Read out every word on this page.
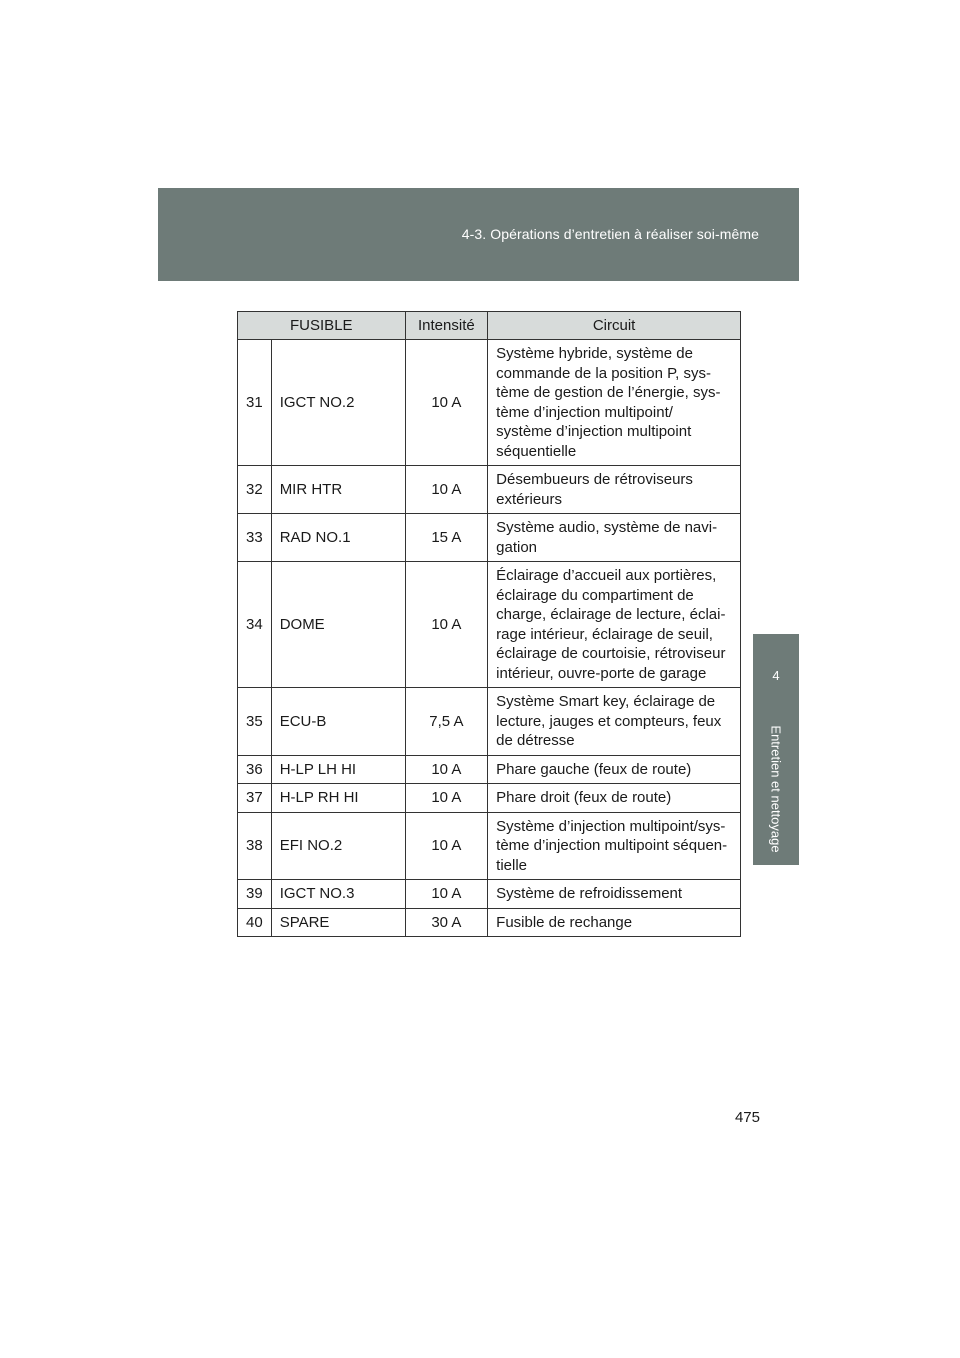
4-3. Opérations d’entretien à réaliser soi-même
4
Entretien et nettoyage
FUSIBLE		Intensité	Circuit
31	IGCT NO.2	10 A	Système hybride, système de commande de la position P, sys-tème de gestion de l’énergie, sys-tème d’injection multipoint/ système d’injection multipoint séquentielle
32	MIR HTR	10 A	Désembueurs de rétroviseurs extérieurs
33	RAD NO.1	15 A	Système audio, système de navi-gation
34	DOME	10 A	Éclairage d’accueil aux portières, éclairage du compartiment de charge, éclairage de lecture, éclai-rage intérieur, éclairage de seuil, éclairage de courtoisie, rétroviseur intérieur, ouvre-porte de garage
35	ECU-B	7,5 A	Système Smart key, éclairage de lecture, jauges et compteurs, feux de détresse
36	H-LP LH HI	10 A	Phare gauche (feux de route)
37	H-LP RH HI	10 A	Phare droit (feux de route)
38	EFI NO.2	10 A	Système d’injection multipoint/sys-tème d’injection multipoint séquen-tielle
39	IGCT NO.3	10 A	Système de refroidissement
40	SPARE	30 A	Fusible de rechange
475
